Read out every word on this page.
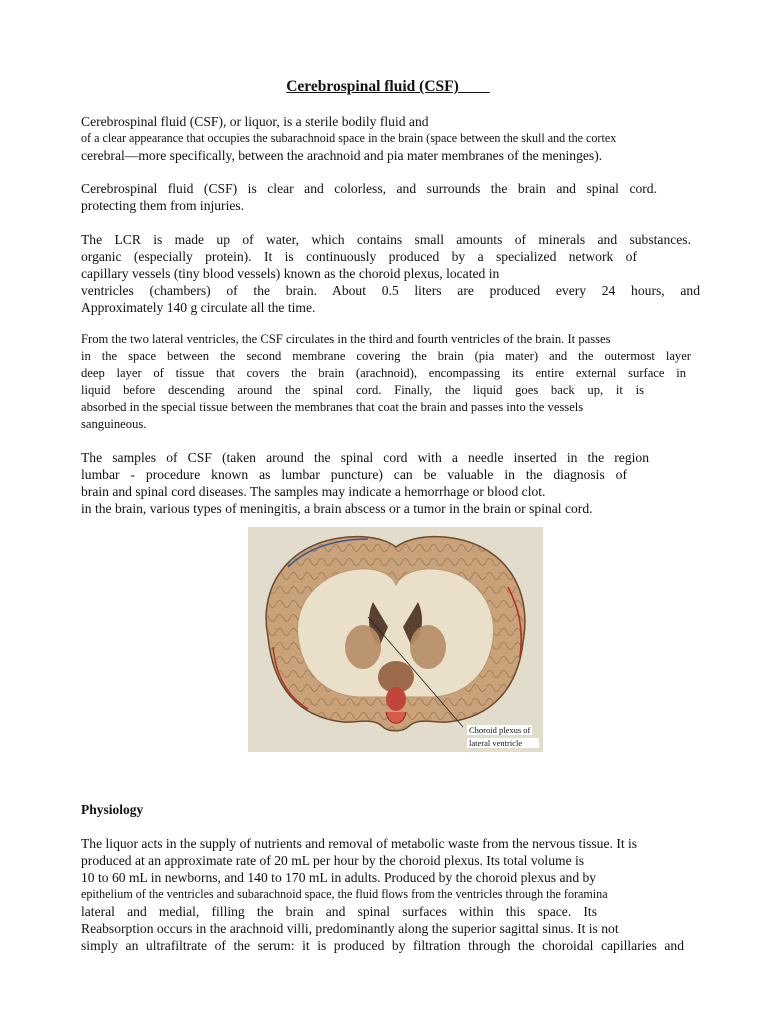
Cerebrospinal fluid (CSF)
Cerebrospinal fluid (CSF), or liquor, is a sterile bodily fluid and
of a clear appearance that occupies the subarachnoid space in the brain (space between the skull and the cortex
cerebral—more specifically, between the arachnoid and pia mater membranes of the meninges).
Cerebrospinal fluid (CSF) is clear and colorless, and surrounds the brain and spinal cord.
protecting them from injuries.
The LCR is made up of water, which contains small amounts of minerals and substances.
organic (especially protein). It is continuously produced by a specialized network of
capillary vessels (tiny blood vessels) known as the choroid plexus, located in
ventricles (chambers) of the brain. About 0.5 liters are produced every 24 hours, and
Approximately 140 g circulate all the time.
From the two lateral ventricles, the CSF circulates in the third and fourth ventricles of the brain. It passes
in the space between the second membrane covering the brain (pia mater) and the outermost layer
deep layer of tissue that covers the brain (arachnoid), encompassing its entire external surface in
liquid before descending around the spinal cord. Finally, the liquid goes back up, it is
absorbed in the special tissue between the membranes that coat the brain and passes into the vessels
sanguineous.
The samples of CSF (taken around the spinal cord with a needle inserted in the region
lumbar - procedure known as lumbar puncture) can be valuable in the diagnosis of
brain and spinal cord diseases. The samples may indicate a hemorrhage or blood clot.
in the brain, various types of meningitis, a brain abscess or a tumor in the brain or spinal cord.
Choroid plexus of
lateral ventricle
Physiology
The liquor acts in the supply of nutrients and removal of metabolic waste from the nervous tissue. It is
produced at an approximate rate of 20 mL per hour by the choroid plexus. Its total volume is
10 to 60 mL in newborns, and 140 to 170 mL in adults. Produced by the choroid plexus and by
epithelium of the ventricles and subarachnoid space, the fluid flows from the ventricles through the foramina
lateral and medial, filling the brain and spinal surfaces within this space. Its
Reabsorption occurs in the arachnoid villi, predominantly along the superior sagittal sinus. It is not
simply an ultrafiltrate of the serum: it is produced by filtration through the choroidal capillaries and
